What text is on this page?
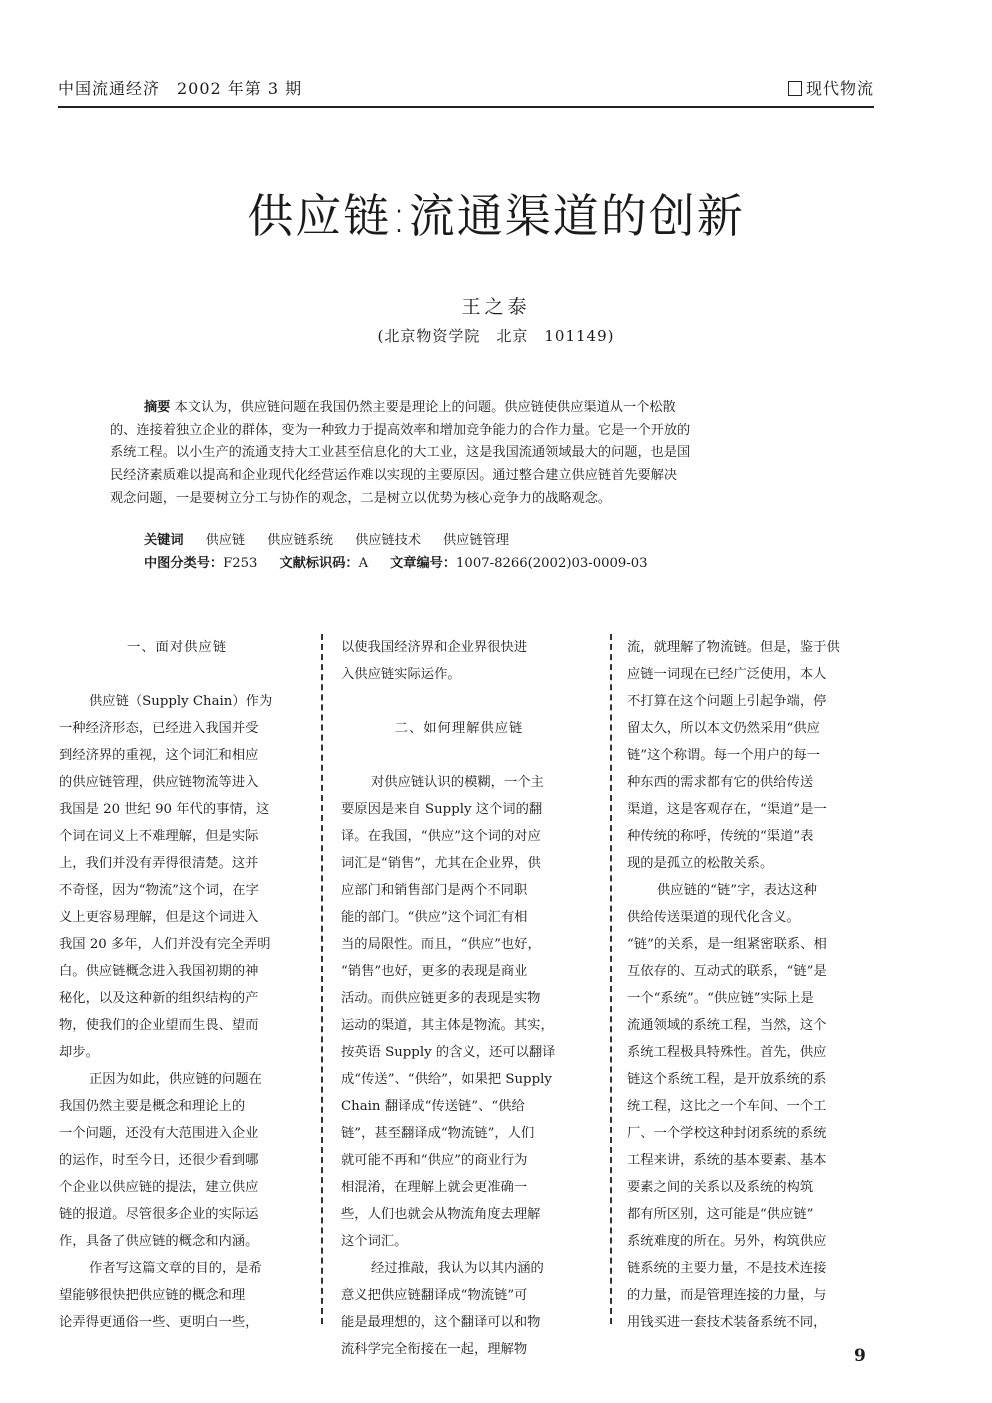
中国流通经济　2002 年第 3 期	现代物流
供应链:流通渠道的创新
王之泰
(北京物资学院　北京　101149)
摘要 本文认为，供应链问题在我国仍然主要是理论上的问题。供应链使供应渠道从一个松散
的、连接着独立企业的群体，变为一种致力于提高效率和增加竞争能力的合作力量。它是一个开放的
系统工程。以小生产的流通支持大工业甚至信息化的大工业，这是我国流通领域最大的问题，也是国
民经济素质难以提高和企业现代化经营运作难以实现的主要原因。通过整合建立供应链首先要解决
观念问题，一是要树立分工与协作的观念，二是树立以优势为核心竞争力的战略观念。
关键词 供应链 供应链系统 供应链技术 供应链管理
中图分类号：F253 文献标识码：A 文章编号：1007-8266(2002)03-0009-03
一、面对供应链
供应链（Supply Chain）作为
一种经济形态，已经进入我国并受
到经济界的重视，这个词汇和相应
的供应链管理，供应链物流等进入
我国是 20 世纪 90 年代的事情，这
个词在词义上不难理解，但是实际
上，我们并没有弄得很清楚。这并
不奇怪，因为“物流”这个词，在字
义上更容易理解，但是这个词进入
我国 20 多年，人们并没有完全弄明
白。供应链概念进入我国初期的神
秘化，以及这种新的组织结构的产
物，使我们的企业望而生畏、望而
却步。
正因为如此，供应链的问题在
我国仍然主要是概念和理论上的
一个问题，还没有大范围进入企业
的运作，时至今日，还很少看到哪
个企业以供应链的提法，建立供应
链的报道。尽管很多企业的实际运
作，具备了供应链的概念和内涵。
作者写这篇文章的目的，是希
望能够很快把供应链的概念和理
论弄得更通俗一些、更明白一些，
以使我国经济界和企业界很快进
入供应链实际运作。
二、如何理解供应链
对供应链认识的模糊，一个主
要原因是来自 Supply 这个词的翻
译。在我国，“供应”这个词的对应
词汇是“销售”，尤其在企业界，供
应部门和销售部门是两个不同职
能的部门。“供应”这个词汇有相
当的局限性。而且，“供应”也好，
“销售”也好，更多的表现是商业
活动。而供应链更多的表现是实物
运动的渠道，其主体是物流。其实，
按英语 Supply 的含义，还可以翻译
成“传送”、“供给”，如果把 Supply
Chain 翻译成“传送链”、“供给
链”，甚至翻译成“物流链”，人们
就可能不再和“供应”的商业行为
相混淆，在理解上就会更准确一
些，人们也就会从物流角度去理解
这个词汇。
经过推敲，我认为以其内涵的
意义把供应链翻译成“物流链”可
能是最理想的，这个翻译可以和物
流科学完全衔接在一起，理解物
流，就理解了物流链。但是，鉴于供
应链一词现在已经广泛使用，本人
不打算在这个问题上引起争端，停
留太久，所以本文仍然采用“供应
链”这个称谓。每一个用户的每一
种东西的需求都有它的供给传送
渠道，这是客观存在，“渠道”是一
种传统的称呼，传统的“渠道”表
现的是孤立的松散关系。
供应链的“链”字，表达这种
供给传送渠道的现代化含义。
“链”的关系，是一组紧密联系、相
互依存的、互动式的联系，“链”是
一个“系统”。“供应链”实际上是
流通领域的系统工程，当然，这个
系统工程极具特殊性。首先，供应
链这个系统工程，是开放系统的系
统工程，这比之一个车间、一个工
厂、一个学校这种封闭系统的系统
工程来讲，系统的基本要素、基本
要素之间的关系以及系统的构筑
都有所区别，这可能是“供应链”
系统难度的所在。另外，构筑供应
链系统的主要力量，不是技术连接
的力量，而是管理连接的力量，与
用钱买进一套技术装备系统不同，
9
